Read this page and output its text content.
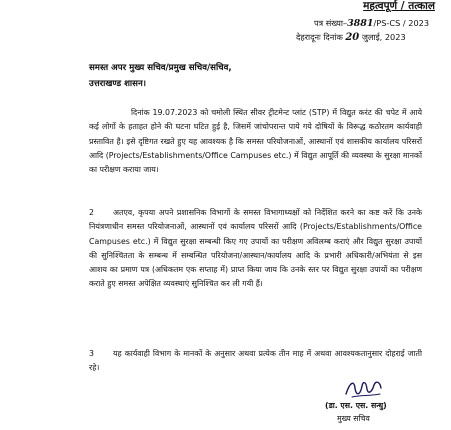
महत्वपूर्ण / तत्काल
पत्र संख्या–3881/PS-CS / 2023
देहरादूनः दिनांक 20 जुलाई, 2023
समस्त अपर मुख्य सचिव/प्रमुख सचिव/सचिव,
उत्तराखण्ड शासन।

दिनांक 19.07.2023 को चमोली स्थित सीवर ट्रीटमेन्ट प्लांट (STP) में विद्युत करंट की चपेट में आये कई लोगों के हताहत होने की घटना घटित हुई है, जिसमें जांचोपरान्त पाये गये दोषियों के विरूद्ध कठोरतम कार्यवाही प्रस्तावित है। इसे दृष्टिगत रखते हुए यह आवश्यक है कि समस्त परियोजनाओं, आस्थानों एवं शासकीय कार्यालय परिसरों आदि (Projects/Establishments/Office Campuses etc.) में विद्युत आपूर्ति की व्यवस्था के सुरक्षा मानकों का परीक्षण कराया जाय।

2 अतएव, कृपया अपने प्रशासनिक विभागों के समस्त विभागाध्यक्षों को निर्देशित करने का कष्ट करें कि उनके नियंत्रणाधीन समस्त परियोजनाओं, आस्थानों एवं कार्यालय परिसरों आदि (Projects/Establishments/Office Campuses etc.) में विद्युत सुरक्षा सम्बन्धी किए गए उपायों का परीक्षण अविलम्ब कराएं और विद्युत सुरक्षा उपायों की सुनिश्चितता के सम्बन्ध में सम्बन्धित परियोजना/आस्थान/कार्यालय आदि के प्रभारी अधिकारी/अभियंता से इस आशय का प्रमाण पत्र (अधिकतम एक सप्ताह में) प्राप्त किया जाय कि उनके स्तर पर विद्युत सुरक्षा उपायों का परीक्षण कराते हुए समस्त अपेक्षित व्यवस्थाएं सुनिश्चित कर ली गयी हैं।

3 यह कार्यवाही विभाग के मानकों के अनुसार अथवा प्रत्येक तीन माह में अथवा आवश्यकतानुसार दोहराई जाती रहे।

(डा. एस. एस. सन्धु)
मुख्य सचिव
